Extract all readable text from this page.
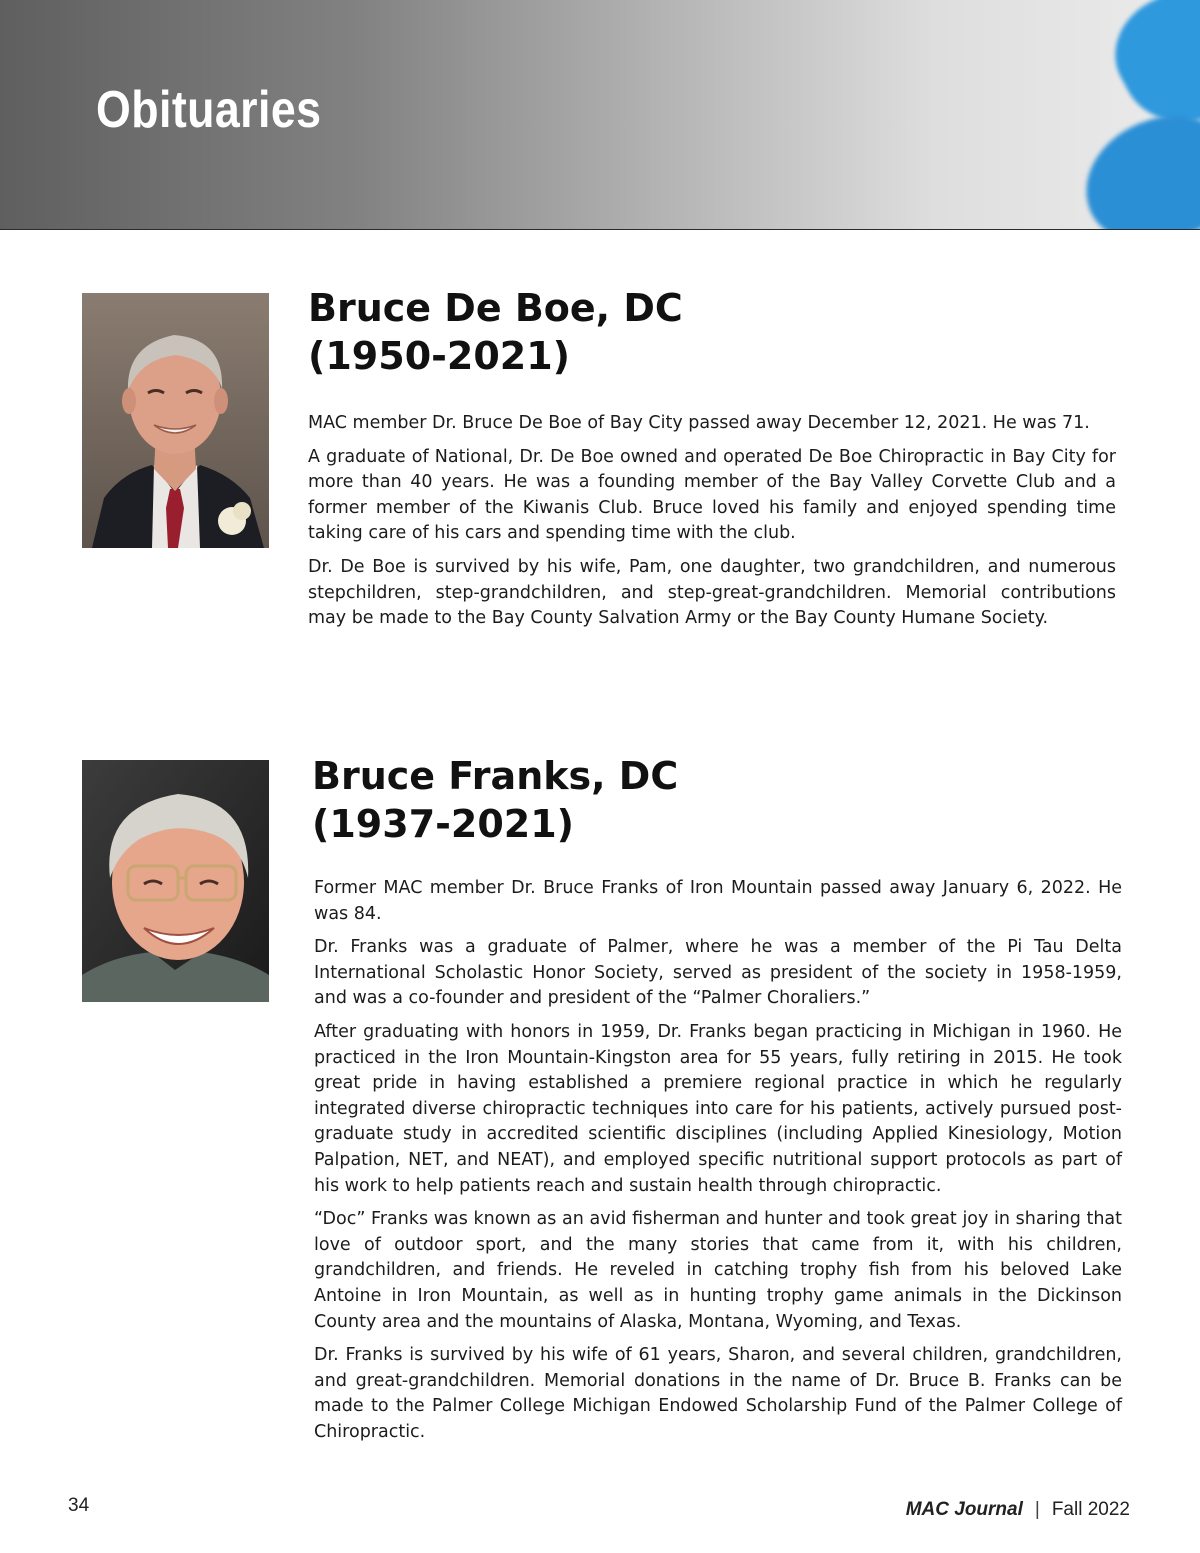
Obituaries
Bruce De Boe, DC
(1950-2021)

MAC member Dr. Bruce De Boe of Bay City passed away December 12, 2021. He was 71.

A graduate of National, Dr. De Boe owned and operated De Boe Chiropractic in Bay City for more than 40 years. He was a founding member of the Bay Valley Corvette Club and a former member of the Kiwanis Club. Bruce loved his family and enjoyed spending time taking care of his cars and spending time with the club.

Dr. De Boe is survived by his wife, Pam, one daughter, two grandchildren, and numerous stepchildren, step-grandchildren, and step-great-grandchildren. Memorial contributions may be made to the Bay County Salvation Army or the Bay County Humane Society.

Bruce Franks, DC
(1937-2021)

Former MAC member Dr. Bruce Franks of Iron Mountain passed away January 6, 2022. He was 84.

Dr. Franks was a graduate of Palmer, where he was a member of the Pi Tau Delta International Scholastic Honor Society, served as president of the society in 1958-1959, and was a co-founder and president of the “Palmer Choraliers.”

After graduating with honors in 1959, Dr. Franks began practicing in Michigan in 1960. He practiced in the Iron Mountain-Kingston area for 55 years, fully retiring in 2015. He took great pride in having established a premiere regional practice in which he regularly integrated diverse chiropractic techniques into care for his patients, actively pursued post-graduate study in accredited scientific disciplines (including Applied Kinesiology, Motion Palpation, NET, and NEAT), and employed specific nutritional support protocols as part of his work to help patients reach and sustain health through chiropractic.

“Doc” Franks was known as an avid fisherman and hunter and took great joy in sharing that love of outdoor sport, and the many stories that came from it, with his children, grandchildren, and friends. He reveled in catching trophy fish from his beloved Lake Antoine in Iron Mountain, as well as in hunting trophy game animals in the Dickinson County area and the mountains of Alaska, Montana, Wyoming, and Texas.

Dr. Franks is survived by his wife of 61 years, Sharon, and several children, grandchildren, and great-grandchildren. Memorial donations in the name of Dr. Bruce B. Franks can be made to the Palmer College Michigan Endowed Scholarship Fund of the Palmer College of Chiropractic.

34	MAC Journal | Fall 2022
